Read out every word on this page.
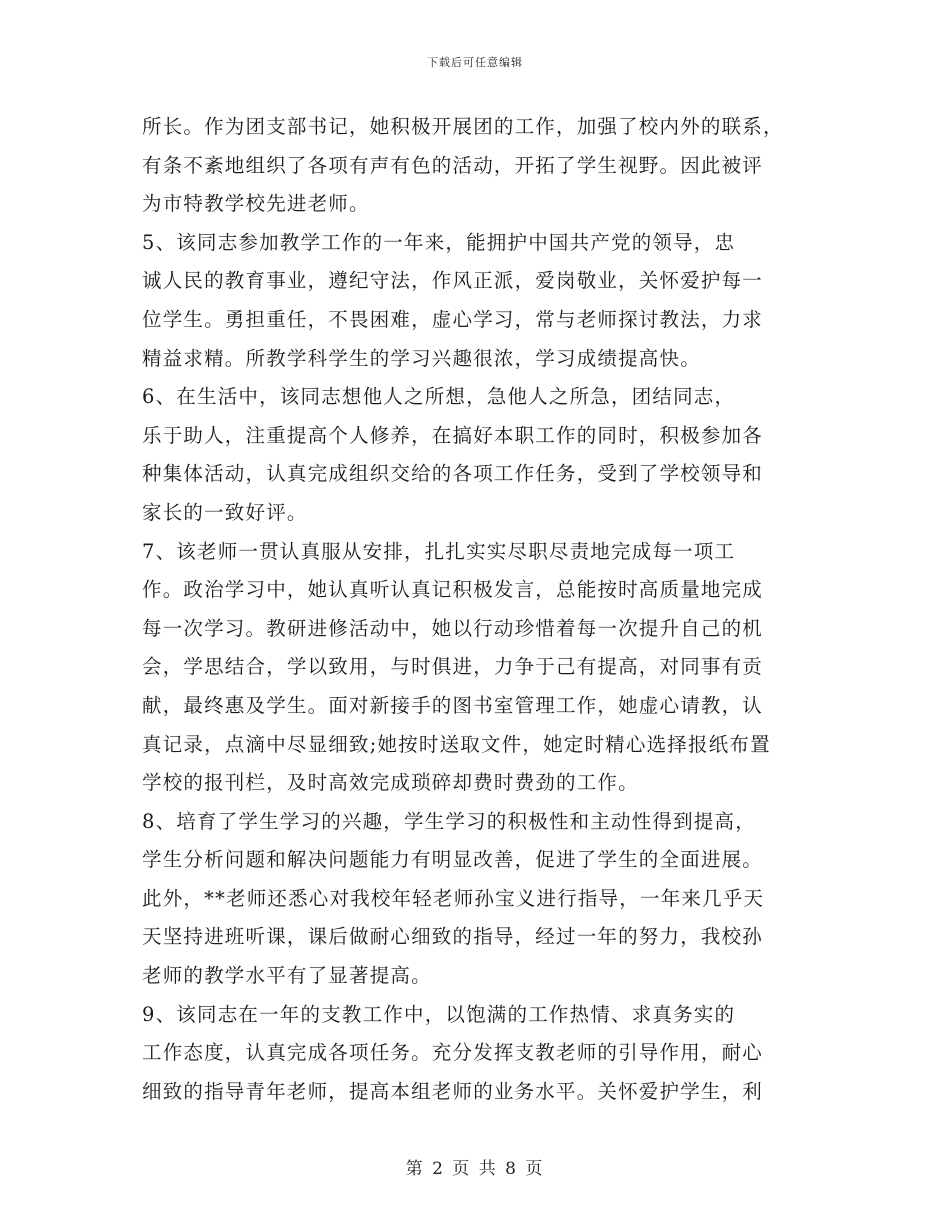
下载后可任意编辑
所长。作为团支部书记，她积极开展团的工作，加强了校内外的联系，
有条不紊地组织了各项有声有色的活动，开拓了学生视野。因此被评
为市特教学校先进老师。
5、该同志参加教学工作的一年来，能拥护中国共产党的领导，忠
诚人民的教育事业，遵纪守法，作风正派，爱岗敬业，关怀爱护每一
位学生。勇担重任，不畏困难，虚心学习，常与老师探讨教法，力求
精益求精。所教学科学生的学习兴趣很浓，学习成绩提高快。
6、在生活中，该同志想他人之所想，急他人之所急，团结同志，
乐于助人，注重提高个人修养，在搞好本职工作的同时，积极参加各
种集体活动，认真完成组织交给的各项工作任务，受到了学校领导和
家长的一致好评。
7、该老师一贯认真服从安排，扎扎实实尽职尽责地完成每一项工
作。政治学习中，她认真听认真记积极发言，总能按时高质量地完成
每一次学习。教研进修活动中，她以行动珍惜着每一次提升自己的机
会，学思结合，学以致用，与时俱进，力争于己有提高，对同事有贡
献，最终惠及学生。面对新接手的图书室管理工作，她虚心请教，认
真记录，点滴中尽显细致;她按时送取文件，她定时精心选择报纸布置
学校的报刊栏，及时高效完成琐碎却费时费劲的工作。
8、培育了学生学习的兴趣，学生学习的积极性和主动性得到提高，
学生分析问题和解决问题能力有明显改善，促进了学生的全面进展。
此外，**老师还悉心对我校年轻老师孙宝义进行指导，一年来几乎天
天坚持进班听课，课后做耐心细致的指导，经过一年的努力，我校孙
老师的教学水平有了显著提高。
9、该同志在一年的支教工作中，以饱满的工作热情、求真务实的
工作态度，认真完成各项任务。充分发挥支教老师的引导作用，耐心
细致的指导青年老师，提高本组老师的业务水平。关怀爱护学生，利
第 2 页 共 8 页
